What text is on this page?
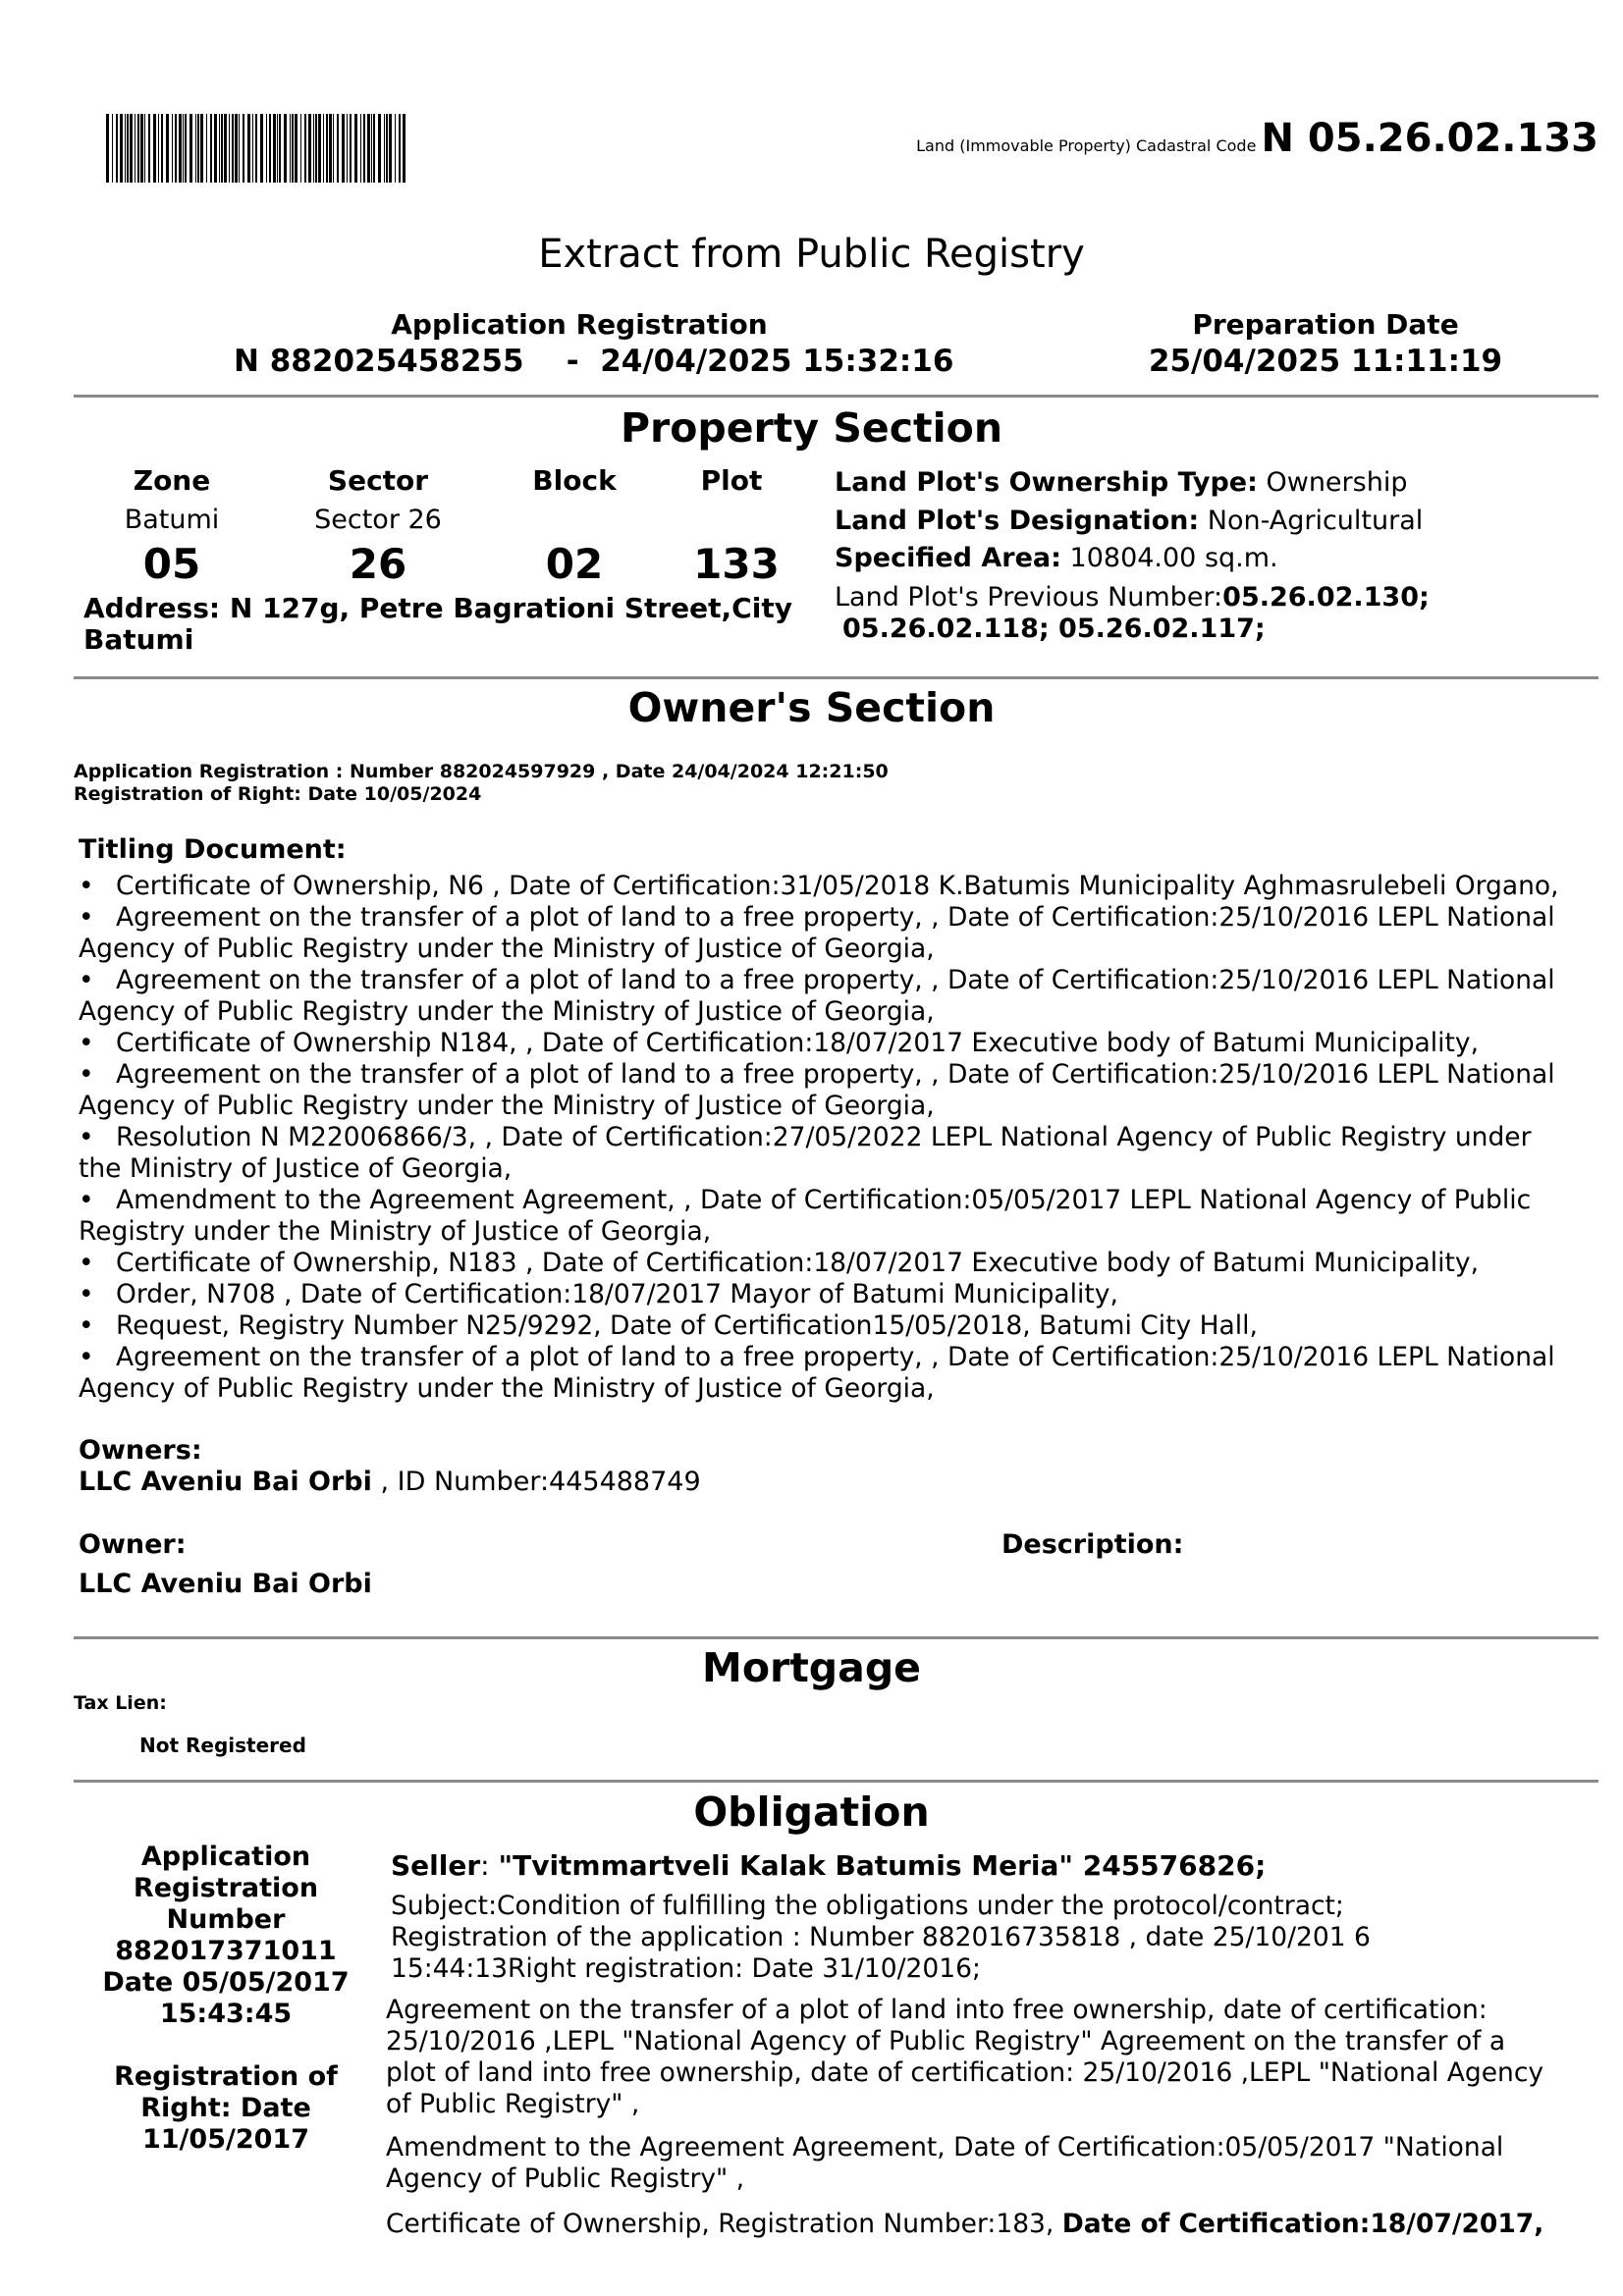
Land (Immovable Property) Cadastral Code N 05.26.02.133
Extract from Public Registry
Application Registration
N 882025458255 - 24/04/2025 15:32:16
Preparation Date
25/04/2025 11:11:19
Property Section
Zone	Sector	Block	Plot
Batumi	Sector 26
05	26	02	133
Address: N 127g, Petre Bagrationi Street,City Batumi
Land Plot's Ownership Type: Ownership
Land Plot's Designation: Non-Agricultural
Specified Area: 10804.00 sq.m.
Land Plot's Previous Number:05.26.02.130;
05.26.02.118; 05.26.02.117;
Owner's Section
Application Registration : Number 882024597929 , Date 24/04/2024 12:21:50
Registration of Right: Date 10/05/2024
Titling Document:
• Certificate of Ownership, N6 , Date of Certification:31/05/2018 K.Batumis Municipality Aghmasrulebeli Organo,
• Agreement on the transfer of a plot of land to a free property, , Date of Certification:25/10/2016 LEPL National
Agency of Public Registry under the Ministry of Justice of Georgia,
• Agreement on the transfer of a plot of land to a free property, , Date of Certification:25/10/2016 LEPL National
Agency of Public Registry under the Ministry of Justice of Georgia,
• Certificate of Ownership N184, , Date of Certification:18/07/2017 Executive body of Batumi Municipality,
• Agreement on the transfer of a plot of land to a free property, , Date of Certification:25/10/2016 LEPL National
Agency of Public Registry under the Ministry of Justice of Georgia,
• Resolution N M22006866/3, , Date of Certification:27/05/2022 LEPL National Agency of Public Registry under
the Ministry of Justice of Georgia,
• Amendment to the Agreement Agreement, , Date of Certification:05/05/2017 LEPL National Agency of Public
Registry under the Ministry of Justice of Georgia,
• Certificate of Ownership, N183 , Date of Certification:18/07/2017 Executive body of Batumi Municipality,
• Order, N708 , Date of Certification:18/07/2017 Mayor of Batumi Municipality,
• Request, Registry Number N25/9292, Date of Certification15/05/2018, Batumi City Hall,
• Agreement on the transfer of a plot of land to a free property, , Date of Certification:25/10/2016 LEPL National
Agency of Public Registry under the Ministry of Justice of Georgia,
Owners:
LLC Aveniu Bai Orbi , ID Number:445488749
Owner:
LLC Aveniu Bai Orbi
Description:
Mortgage
Tax Lien:
Not Registered
Obligation
Application
Registration
Number
882017371011
Date 05/05/2017
15:43:45
Registration of
Right: Date
11/05/2017
Seller: "Tvitmmartveli Kalak Batumis Meria" 245576826;
Subject:Condition of fulfilling the obligations under the protocol/contract;
Registration of the application : Number 882016735818 , date 25/10/201 6
15:44:13Right registration: Date 31/10/2016;
Agreement on the transfer of a plot of land into free ownership, date of certification:
25/10/2016 ,LEPL "National Agency of Public Registry" Agreement on the transfer of a
plot of land into free ownership, date of certification: 25/10/2016 ,LEPL "National Agency
of Public Registry" ,
Amendment to the Agreement Agreement, Date of Certification:05/05/2017 "National
Agency of Public Registry" ,
Certificate of Ownership, Registration Number:183, Date of Certification:18/07/2017,
